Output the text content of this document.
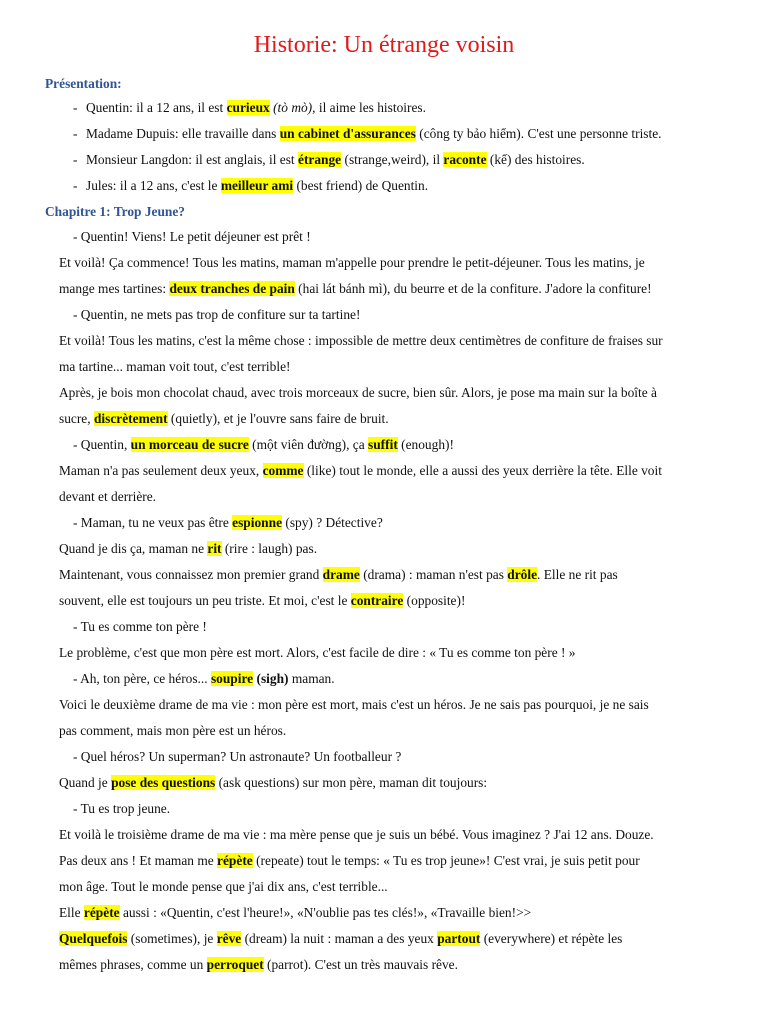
Historie: Un étrange voisin
Présentation:
- Quentin: il a 12 ans, il est curieux (tò mò), il aime les histoires.
- Madame Dupuis: elle travaille dans un cabinet d'assurances (công ty bảo hiểm). C'est une personne triste.
- Monsieur Langdon: il est anglais, il est étrange (strange,weird), il raconte (kể) des histoires.
- Jules: il a 12 ans, c'est le meilleur ami (best friend) de Quentin.
Chapitre 1: Trop Jeune?
- Quentin! Viens! Le petit déjeuner est prêt !
Et voilà! Ça commence! Tous les matins, maman m'appelle pour prendre le petit-déjeuner. Tous les matins, je
mange mes tartines: deux tranches de pain (hai lát bánh mì), du beurre et de la confiture. J'adore la confiture!
- Quentin, ne mets pas trop de confiture sur ta tartine!
Et voilà! Tous les matins, c'est la même chose : impossible de mettre deux centimètres de confiture de fraises sur
ma tartine... maman voit tout, c'est terrible!
Après, je bois mon chocolat chaud, avec trois morceaux de sucre, bien sûr. Alors, je pose ma main sur la boîte à
sucre, discrètement (quietly), et je l'ouvre sans faire de bruit.
- Quentin, un morceau de sucre (một viên đường), ça suffit (enough)!
Maman n'a pas seulement deux yeux, comme (like) tout le monde, elle a aussi des yeux derrière la tête. Elle voit
devant et derrière.
- Maman, tu ne veux pas être espionne (spy) ? Détective?
Quand je dis ça, maman ne rit (rire : laugh) pas.
Maintenant, vous connaissez mon premier grand drame (drama) : maman n'est pas drôle. Elle ne rit pas
souvent, elle est toujours un peu triste. Et moi, c'est le contraire (opposite)!
- Tu es comme ton père !
Le problème, c'est que mon père est mort. Alors, c'est facile de dire : « Tu es comme ton père ! »
- Ah, ton père, ce héros... soupire (sigh) maman.
Voici le deuxième drame de ma vie : mon père est mort, mais c'est un héros. Je ne sais pas pourquoi, je ne sais
pas comment, mais mon père est un héros.
- Quel héros? Un superman? Un astronaute? Un footballeur ?
Quand je pose des questions (ask questions) sur mon père, maman dit toujours:
- Tu es trop jeune.
Et voilà le troisième drame de ma vie : ma mère pense que je suis un bébé. Vous imaginez ? J'ai 12 ans. Douze.
Pas deux ans ! Et maman me répète (repeate) tout le temps: « Tu es trop jeune»! C'est vrai, je suis petit pour
mon âge. Tout le monde pense que j'ai dix ans, c'est terrible...
Elle répète aussi : «Quentin, c'est l'heure!», «N'oublie pas tes clés!», «Travaille bien!>>
Quelquefois (sometimes), je rêve (dream) la nuit : maman a des yeux partout (everywhere) et répète les
mêmes phrases, comme un perroquet (parrot). C'est un très mauvais rêve.
